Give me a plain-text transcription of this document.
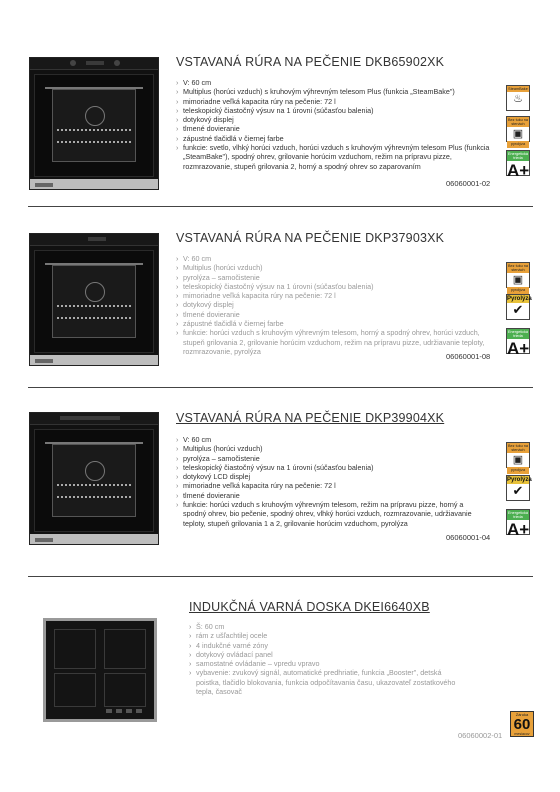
VSTAVANÁ RÚRA NA PEČENIE DKB65902XK
› V: 60 cm
› Multiplus (horúci vzduch) s kruhovým výhrevným telesom Plus (funkcia „SteamBake")
› mimoriadne veľká kapacita rúry na pečenie: 72 l
› teleskopický čiastočný výsuv na 1 úrovni (súčasťou balenia)
› dotykový displej
› tlmené dovieranie
› zápustné tlačidlá v čiernej farbe
› funkcie: svetlo, vlhký horúci vzduch, horúci vzduch s kruhovým výhrevným telesom Plus (funkcia „SteamBake"), spodný ohrev, grilovanie horúcim vzduchom, režim na prípravu pizze, rozmrazovanie, stupeň grilovania 2, horný a spodný ohrev so zaparovaním
06060001-02
SteamBake
♨
Bez tuku na stenách
▣
pyrolýza
Energetická trieda
A+
VSTAVANÁ RÚRA NA PEČENIE DKP37903XK
› V: 60 cm
› Multiplus (horúci vzduch)
› pyrolýza – samočistenie
› teleskopický čiastočný výsuv na 1 úrovni (súčasťou balenia)
› mimoriadne veľká kapacita rúry na pečenie: 72 l
› dotykový displej
› tlmené dovieranie
› zápustné tlačidlá v čiernej farbe
› funkcie: horúci vzduch s kruhovým výhrevným telesom, horný a spodný ohrev, horúci vzduch, stupeň grilovania 2, grilovanie horúcim vzduchom, režim na prípravu pizze, udržiavanie teploty, rozmrazovanie, pyrolýza
06060001-08
Bez tuku na stenách
▣
pyrolýza
Pyrolýza
✔
Energetická trieda
A+
VSTAVANÁ RÚRA NA PEČENIE DKP39904XK
› V: 60 cm
› Multiplus (horúci vzduch)
› pyrolýza – samočistenie
› teleskopický čiastočný výsuv na 1 úrovni (súčasťou balenia)
› dotykový LCD displej
› mimoriadne veľká kapacita rúry na pečenie: 72 l
› tlmené dovieranie
› funkcie: horúci vzduch s kruhovým výhrevným telesom, režim na prípravu pizze, horný a spodný ohrev, bio pečenie, spodný ohrev, vlhký horúci vzduch, rozmrazovanie, udržiavanie teploty, stupeň grilovania 1 a 2, grilovanie horúcim vzduchom, pyrolýza
06060001-04
Bez tuku na stenách
▣
pyrolýza
Pyrolýza
✔
Energetická trieda
A+
INDUKČNÁ VARNÁ DOSKA DKEI6640XB
› Š: 60 cm
› rám z ušľachtilej ocele
› 4 indukčné varné zóny
› dotykový ovládací panel
› samostatné ovládanie – vpredu vpravo
› vybavenie: zvukový signál, automatické predhriatie, funkcia „Booster", detská poistka, tlačidlo blokovania, funkcia odpočítavania času, ukazovateľ zostatkového tepla, časovač
06060002-01
Záruka
60
mesiacov
